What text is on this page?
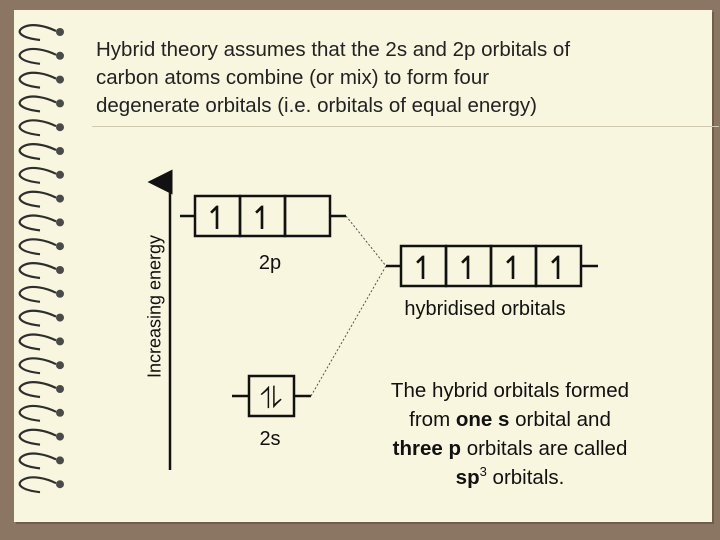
Hybrid theory assumes that the 2s and 2p orbitals of
carbon atoms combine (or mix) to form four
degenerate orbitals (i.e. orbitals of equal energy)
Increasing energy
↿ ↿
⥮
↿ ↿ ↿ ↿
2p
2s
hybridised orbitals
The hybrid orbitals formed
from one s orbital and
three p orbitals are called
$sp^3$ orbitals.
